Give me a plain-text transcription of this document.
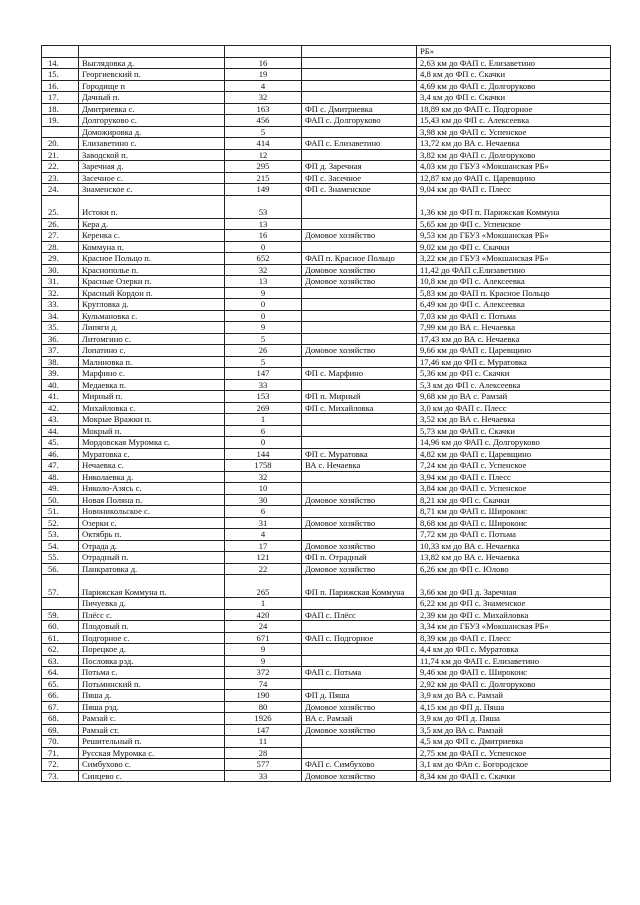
				РБ»
14.	Выглядовка д.	16		2,63 км до ФАП с. Елизаветино
15.	Георгиевский п.	19		4,8 км до ФП с. Скачки
16.	Городище п	4		4,69 км до ФАП с. Долгоруково
17.	Дачный п.	32		3,4 км до ФП с. Скачки
18.	Дмитриевка с.	163	ФП с. Дмитриевка	18,89 км до ФАП с. Подгорное
19.	Долгоруково с.	456	ФАП с. Долгоруково	15,43 км до ФП с. Алексеевка
	Доможировка д.	5		3,98 км до ФАП с. Успенское
20.	Елизаветино с.	414	ФАП с. Елизаветино	13,72 км до ВА с. Нечаевка
21.	Заводской п.	12		3,82 км до ФАП с. Долгоруково
22.	Заречная д.	295	ФП д. Заречная	4,03 км до ГБУЗ «Мокшанская РБ»
23.	Засечное с.	215	ФП с. Засечное	12,87 км до ФАП с. Царевщино
24.	Знаменское с.	149	ФП с. Знаменское	9,04 км до ФАП с. Плесс
25.	Истоки п.	53		1,36 км до ФП п. Парижская Коммуна
26.	Кера д.	13		5,65 км до ФП с. Успенское
27.	Керенка с.	16	Домовое хозяйство	9,53 км до ГБУЗ «Мокшанская РБ»
28.	Коммуна п.	0		9,02 км до ФП с. Скачки
29.	Красное Польцо п.	652	ФАП п. Красное Польцо	3,22 км до ГБУЗ «Мокшанская РБ»
30.	Краснополье п.	32	Домовое хозяйство	11,42 до ФАП с.Елизаветино
31.	Красные Озерки п.	13	Домовое хозяйство	10,8 км до ФП с. Алексеевка
32.	Красный Кордон п.	9		5,83 км до ФАП п. Красное Польцо
33.	Кругловка д.	0		6,49 км до ФП с. Алексеевка
34.	Кульмановка с.	0		7,03 км до ФАП с. Потьма
35.	Липяги д.	9		7,99 км до ВА с. Нечаевка
36.	Литомгино с.	5		17,43 км до ВА с. Нечаевка
37.	Лопатино с.	26	Домовое хозяйство	9,66 км до ФАП с. Царевщино
38.	Малиновка п.	5		17,46 км до ФП с. Муратовка
39.	Марфино с.	147	ФП с. Марфино	5,36 км до ФП с. Скачки
40.	Медаевка п.	33		5,3 км до ФП с. Алексеевка
41.	Мирный п.	153	ФП п. Мирный	9,68 км до ВА с. Рамзай
42.	Михайловка с.	269	ФП с. Михайловка	3,0 км до ФАП с. Плесс
43.	Мокрые Вражки п.	1		3,52 км до ВА с. Нечаевка
44.	Мокрый п.	6		5,73 км до ФАП с. Скачки
45.	Мордовская Муромка с.	0		14,96 км до ФАП с. Долгоруково
46.	Муратовка с.	144	ФП с. Муратовка	4,82 км до ФАП с. Царевщино
47.	Нечаевка с.	1758	ВА с. Нечаевка	7,24 км до ФАП с. Успенское
48.	Николаевка д.	32		3,94 км до ФАП с. Плесс
49.	Николо-Азясь с.	10		3,84 км до ФАП с. Успенское
50.	Новая Поляна п.	30	Домовое хозяйство	8,21 км до ФП с. Скачки
51.	Новоникольское с.	6		8,71 км до ФАП с. Широкоис
52.	Озерки с.	31	Домовое хозяйство	8,68 км до ФАП с. Широкоис
53.	Октябрь п.	4		7,72 км до ФАП с. Потьма
54.	Отрада д.	17	Домовое хозяйство	10,33 км до ВА с. Нечаевка
55.	Отрадный п.	121	ФП п. Отрадный	13,82 км до ВА с. Нечаевка
56.	Панкратовка д.	22	Домовое хозяйство	6,26 км до ФП с. Юлово
57.	Парижская Коммуна п.	265	ФП п. Парижская Коммуна	3,66 км до ФП д. Заречная
	Пичуевка д.	1		6,22 км до ФП с. Знаменское
59.	Плёсс с.	420	ФАП с. Плёсс	2,39 км до ФП с. Михайловка
60.	Плодовый п.	24		3,34 км до ГБУЗ «Мокшанская РБ»
61.	Подгорное с.	671	ФАП с. Подгорное	8,39 км до ФАП с. Плесс
62.	Порецкое д.	9		4,4 км до ФП с. Муратовка
63.	Пословка рзд.	9		11,74 км до ФАП с. Елизаветино
64.	Потьма с.	372	ФАП с. Потьма	9,46 км до ФАП с. Широкоис
65.	Потьминский п.	74		2,92 км до ФАП с. Долгоруково
66.	Пяша д.	190	ФП д. Пяша	3,9 км до ВА с. Рамзай
67.	Пяша рзд.	80	Домовое хозяйство	4,15 км до ФП д. Пяша
68.	Рамзай с.	1926	ВА с. Рамзай	3,9 км до ФП д. Пяша
69.	Рамзай ст.	147	Домовое хозяйство	3,5 км до ВА с. Рамзай
70.	Решительный п.	11		4,5 км до ФП с. Дмитриевка
71.	Русская Муромка с.	28		2,75 км до ФАП с. Успенское
72.	Симбухово с.	577	ФАП с. Симбухово	3,1 км до ФАп с. Богородское
73.	Синцево с.	33	Домовое хозяйство	8,34 км до ФАП с. Скачки
